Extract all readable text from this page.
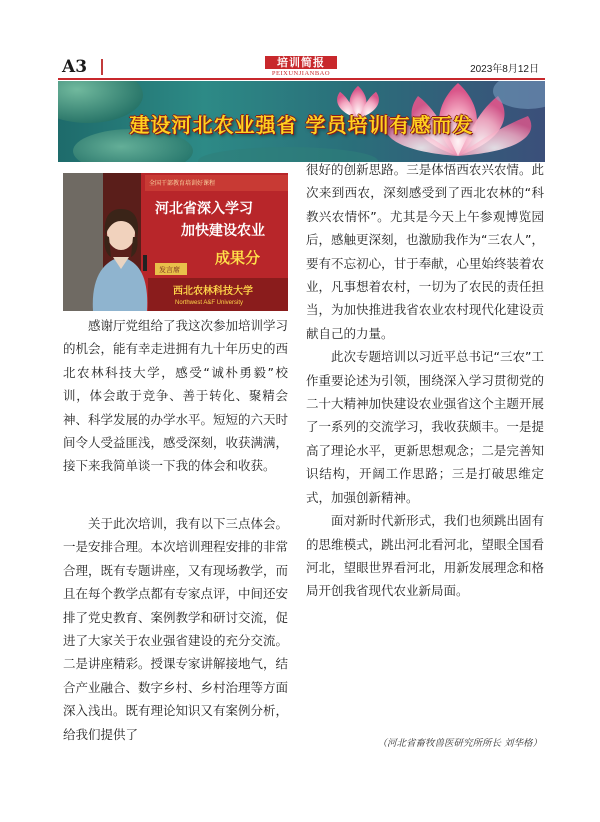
A3	培训简报
PEIXUNJIANBAO	2023年8月12日
建设河北农业强省 学员培训有感而发
全国干部教育培训好课程
河北省深入学习
加快建设农业
成果分
西北农林科技大学
Northwest A&F University
发言席

感谢厅党组给了我这次参加培训学习的机会，能有幸走进拥有九十年历史的西北农林科技大学，感受“诚朴勇毅”校训，体会敢于竞争、善于转化、聚精会神、科学发展的办学水平。短短的六天时间令人受益匪浅，感受深刻，收获满满，接下来我简单谈一下我的体会和收获。

关于此次培训，我有以下三点体会。一是安排合理。本次培训理程安排的非常合理，既有专题讲座，又有现场教学，而且在每个教学点都有专家点评，中间还安排了党史教育、案例教学和研讨交流，促进了大家关于农业强省建设的充分交流。二是讲座精彩。授课专家讲解接地气，结合产业融合、数字乡村、乡村治理等方面深入浅出。既有理论知识又有案例分析，给我们提供了

很好的创新思路。三是体悟西农兴农情。此次来到西农，深刻感受到了西北农林的“科教兴农情怀”。尤其是今天上午参观博览园后，感触更深刻，也激励我作为“三农人”，要有不忘初心，甘于奉献，心里始终装着农业，凡事想着农村，一切为了农民的责任担当，为加快推进我省农业农村现代化建设贡献自己的力量。

此次专题培训以习近平总书记“三农”工作重要论述为引领，围绕深入学习贯彻党的二十大精神加快建设农业强省这个主题开展了一系列的交流学习，我收获颇丰。一是提高了理论水平，更新思想观念；二是完善知识结构，开阔工作思路；三是打破思维定式，加强创新精神。

面对新时代新形式，我们也须跳出固有的思维模式，跳出河北看河北，望眼全国看河北，望眼世界看河北，用新发展理念和格局开创我省现代农业新局面。

（河北省畜牧兽医研究所所长 刘华格）
